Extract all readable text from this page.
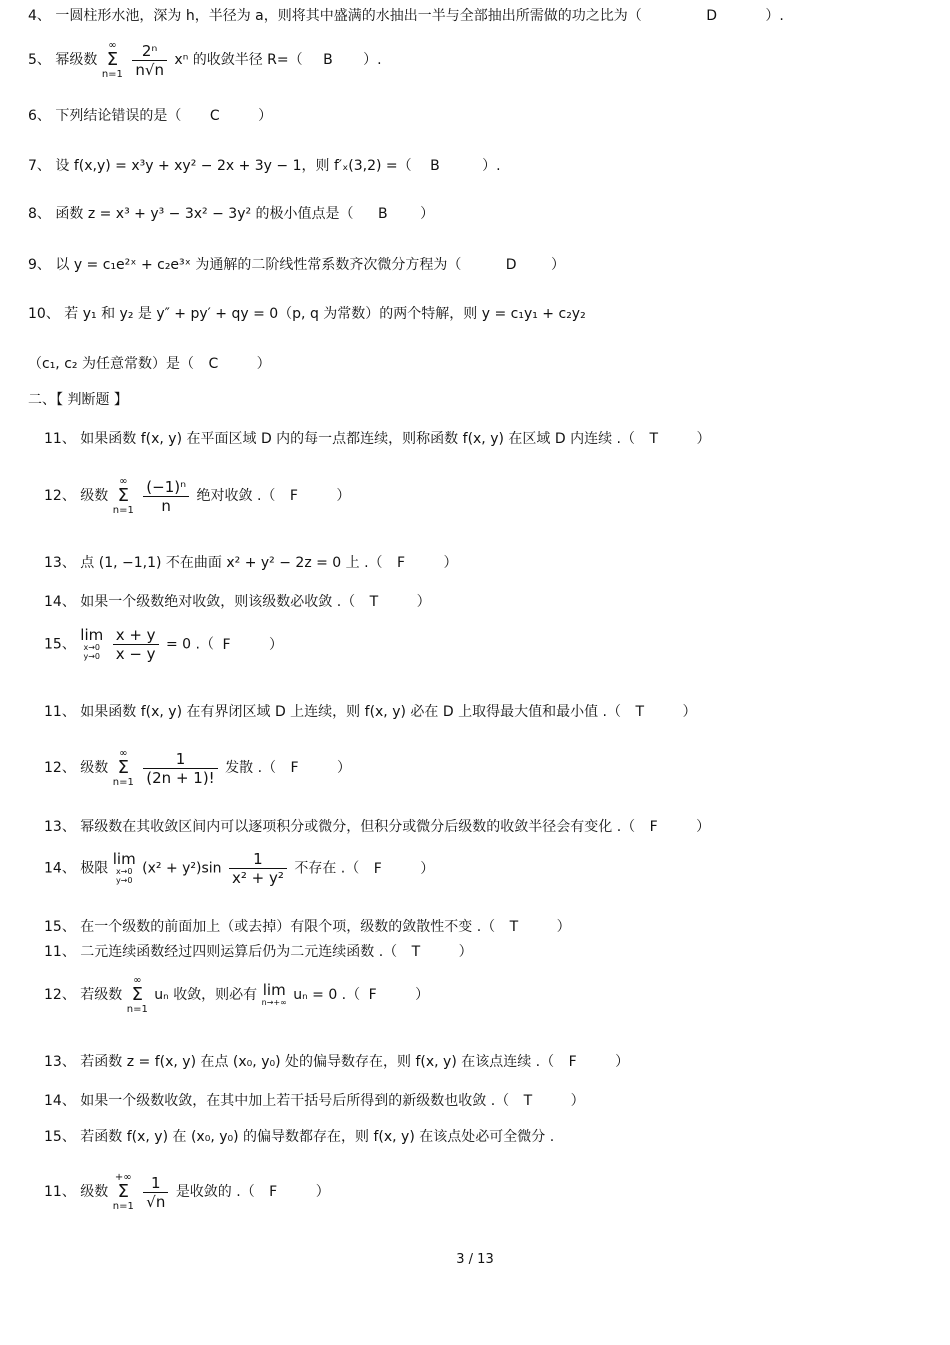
4、 一圆柱形水池，深为 h，半径为 a，则将其中盛满的水抽出一半与全部抽出所需做的功之比为（	D	）.
5、 幂级数 ∞
Σ
$n=1 \frac{\text{2ⁿ}}{n√n}$ xⁿ 的收敛半径 R=（ B ）.
6、 下列结论错误的是（ C	）
7、 设 f(x,y) = x³y + xy² − 2x + 3y − 1，则 f′ₓ(3,2) =（ B	）.
8、 函数 z = x³ + y³ − 3x² − 3y² 的极小值点是（ B ）
9、 以 y = c₁e²ˣ + c₂e³ˣ 为通解的二阶线性常系数齐次微分方程为（	D ）
10、 若 y₁ 和 y₂ 是 y″ + py′ + qy = 0（p, q 为常数）的两个特解，则 y = c₁y₁ + c₂y₂
（c₁, c₂ 为任意常数）是（ C	）
二、【 判断题 】
11、 如果函数 f(x, y) 在平面区域 D 内的每一点都连续，则称函数 f(x, y) 在区域 D 内连续 .（ T	）
12、 级数 ∞
Σ
$n=1 \frac{\text{(−1)ⁿ}}{n}$ 绝对收敛 .（ F	）
13、 点 (1, −1,1) 不在曲面 x² + y² − 2z = 0 上 .（ F	）
14、 如果一个级数绝对收敛，则该级数必收敛 .（ T	）
15、 lim
x→0
y→0
$\frac{x + y}{x - y} = 0$ .（ F	）
11、 如果函数 f(x, y) 在有界闭区域 D 上连续，则 f(x, y) 必在 D 上取得最大值和最小值 .（ T	）
12、 级数 ∞
Σ
$n=1 \frac{1}{(2n + 1)!}$ 发散 .（ F	）
13、 幂级数在其收敛区间内可以逐项积分或微分，但积分或微分后级数的收敛半径会有变化 .（ F	）
14、 极限 lim
x→0
y→0
$(x^2 + y^2)\sin \frac{1}{\text{x² + y²}}$ 不存在 .（ F	）
15、 在一个级数的前面加上（或去掉）有限个项，级数的敛散性不变 .（ T	）
11、 二元连续函数经过四则运算后仍为二元连续函数 .（ T	）
12、 若级数 ∞
Σ
n=1 uₙ 收敛，则必有 lim
n→+∞ uₙ = 0 .（ F	）
13、 若函数 z = f(x, y) 在点 (x₀, y₀) 处的偏导数存在，则 f(x, y) 在该点连续 .（ F	）
14、 如果一个级数收敛，在其中加上若干括号后所得到的新级数也收敛 .（ T	）
15、 若函数 f(x, y) 在 (x₀, y₀) 的偏导数都存在，则 f(x, y) 在该点处必可全微分 .
11、 级数 +∞
Σ
$n=1 \frac{1}{√n}$ 是收敛的 .（ F	）
3 / 13
